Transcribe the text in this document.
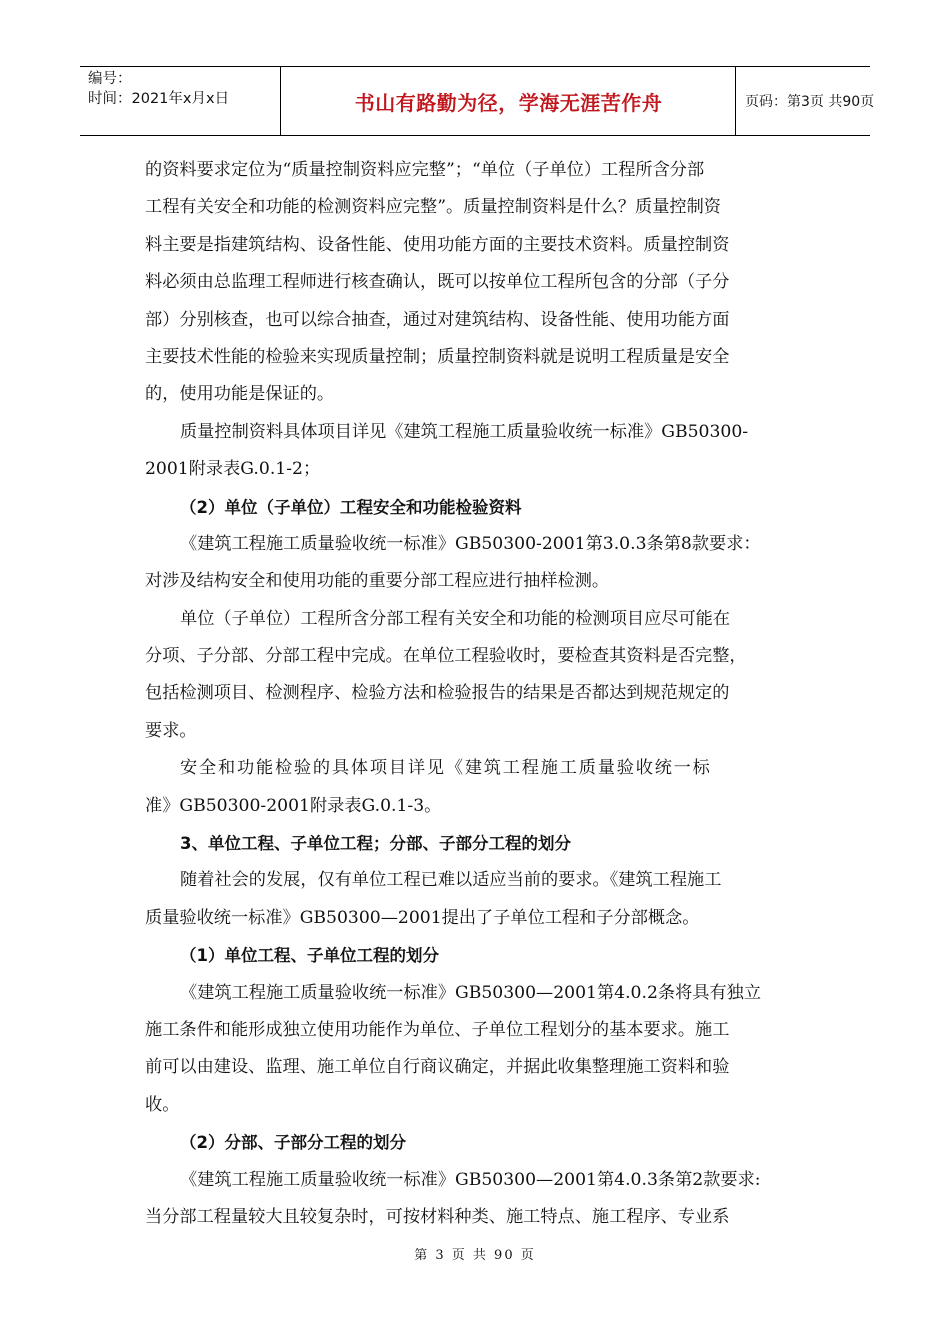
编号：
时间：2021年x月x日	书山有路勤为径，学海无涯苦作舟	页码：第3页 共90页

的资料要求定位为“质量控制资料应完整”；“单位（子单位）工程所含分部
工程有关安全和功能的检测资料应完整”。质量控制资料是什么？质量控制资
料主要是指建筑结构、设备性能、使用功能方面的主要技术资料。质量控制资
料必须由总监理工程师进行核查确认，既可以按单位工程所包含的分部（子分
部）分别核查，也可以综合抽查，通过对建筑结构、设备性能、使用功能方面
主要技术性能的检验来实现质量控制；质量控制资料就是说明工程质量是安全
的，使用功能是保证的。

质量控制资料具体项目详见《建筑工程施工质量验收统一标准》GB50300-
2001附录表G.0.1-2；

（2）单位（子单位）工程安全和功能检验资料

《建筑工程施工质量验收统一标准》GB50300-2001第3.0.3条第8款要求：
对涉及结构安全和使用功能的重要分部工程应进行抽样检测。

单位（子单位）工程所含分部工程有关安全和功能的检测项目应尽可能在
分项、子分部、分部工程中完成。在单位工程验收时，要检查其资料是否完整，
包括检测项目、检测程序、检验方法和检验报告的结果是否都达到规范规定的
要求。

安全和功能检验的具体项目详见《建筑工程施工质量验收统一标
准》GB50300-2001附录表G.0.1-3。

3、单位工程、子单位工程；分部、子部分工程的划分

随着社会的发展，仅有单位工程已难以适应当前的要求。《建筑工程施工
质量验收统一标准》GB50300—2001提出了子单位工程和子分部概念。

（1）单位工程、子单位工程的划分

《建筑工程施工质量验收统一标准》GB50300—2001第4.0.2条将具有独立
施工条件和能形成独立使用功能作为单位、子单位工程划分的基本要求。施工
前可以由建设、监理、施工单位自行商议确定，并据此收集整理施工资料和验
收。

（2）分部、子部分工程的划分

《建筑工程施工质量验收统一标准》GB50300—2001第4.0.3条第2款要求:
当分部工程量较大且较复杂时，可按材料种类、施工特点、施工程序、专业系

第 3 页 共 90 页
